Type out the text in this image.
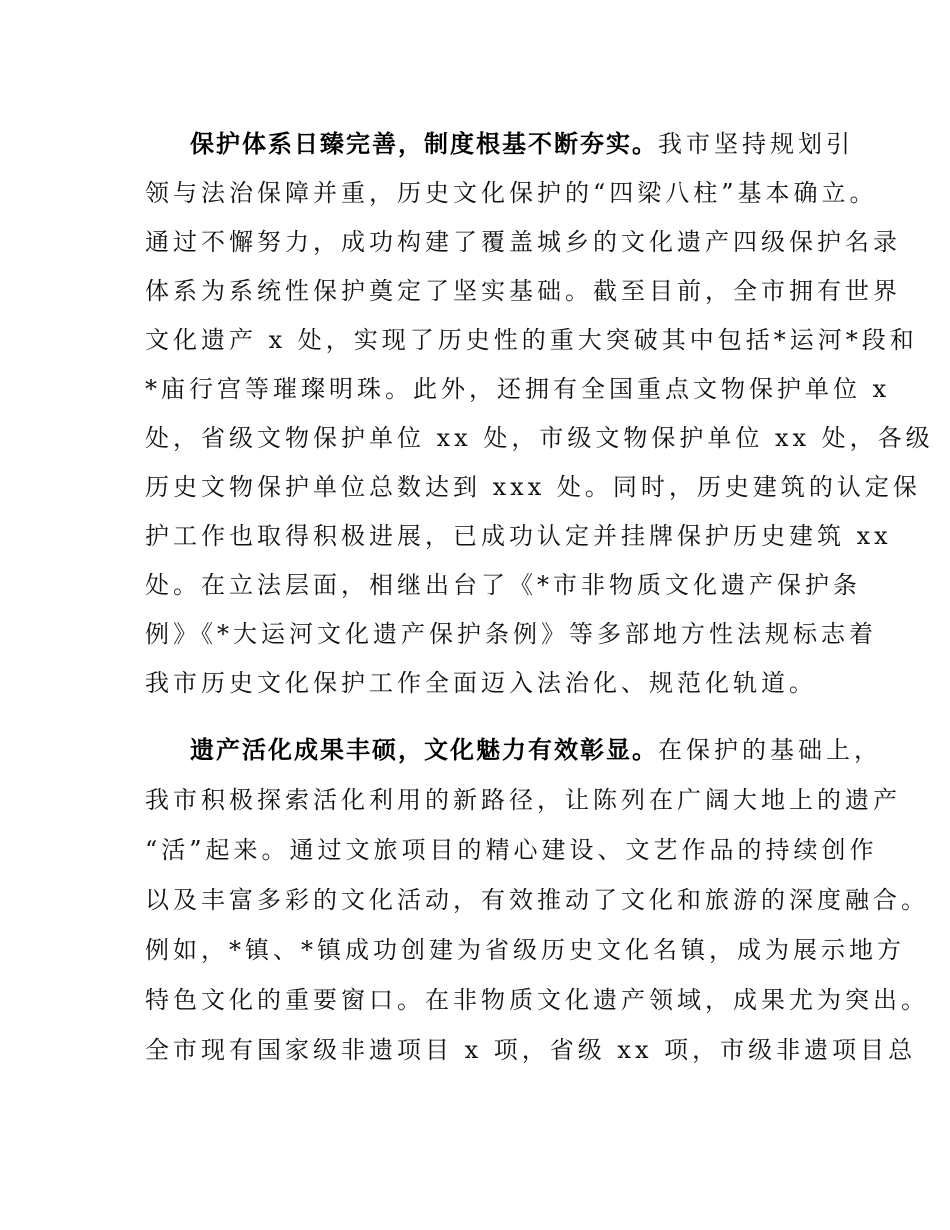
保护体系日臻完善，制度根基不断夯实。我市坚持规划引
领与法治保障并重，历史文化保护的“四梁八柱”基本确立。
通过不懈努力，成功构建了覆盖城乡的文化遗产四级保护名录
体系为系统性保护奠定了坚实基础。截至目前，全市拥有世界
文化遗产 x 处，实现了历史性的重大突破其中包括*运河*段和
*庙行宫等璀璨明珠。此外，还拥有全国重点文物保护单位 x
处，省级文物保护单位 xx 处，市级文物保护单位 xx 处，各级
历史文物保护单位总数达到 xxx 处。同时，历史建筑的认定保
护工作也取得积极进展，已成功认定并挂牌保护历史建筑 xx
处。在立法层面，相继出台了《*市非物质文化遗产保护条
例》《*大运河文化遗产保护条例》等多部地方性法规标志着
我市历史文化保护工作全面迈入法治化、规范化轨道。
遗产活化成果丰硕，文化魅力有效彰显。在保护的基础上，
我市积极探索活化利用的新路径，让陈列在广阔大地上的遗产
“活”起来。通过文旅项目的精心建设、文艺作品的持续创作
以及丰富多彩的文化活动，有效推动了文化和旅游的深度融合。
例如，*镇、*镇成功创建为省级历史文化名镇，成为展示地方
特色文化的重要窗口。在非物质文化遗产领域，成果尤为突出。
全市现有国家级非遗项目 x 项，省级 xx 项，市级非遗项目总
